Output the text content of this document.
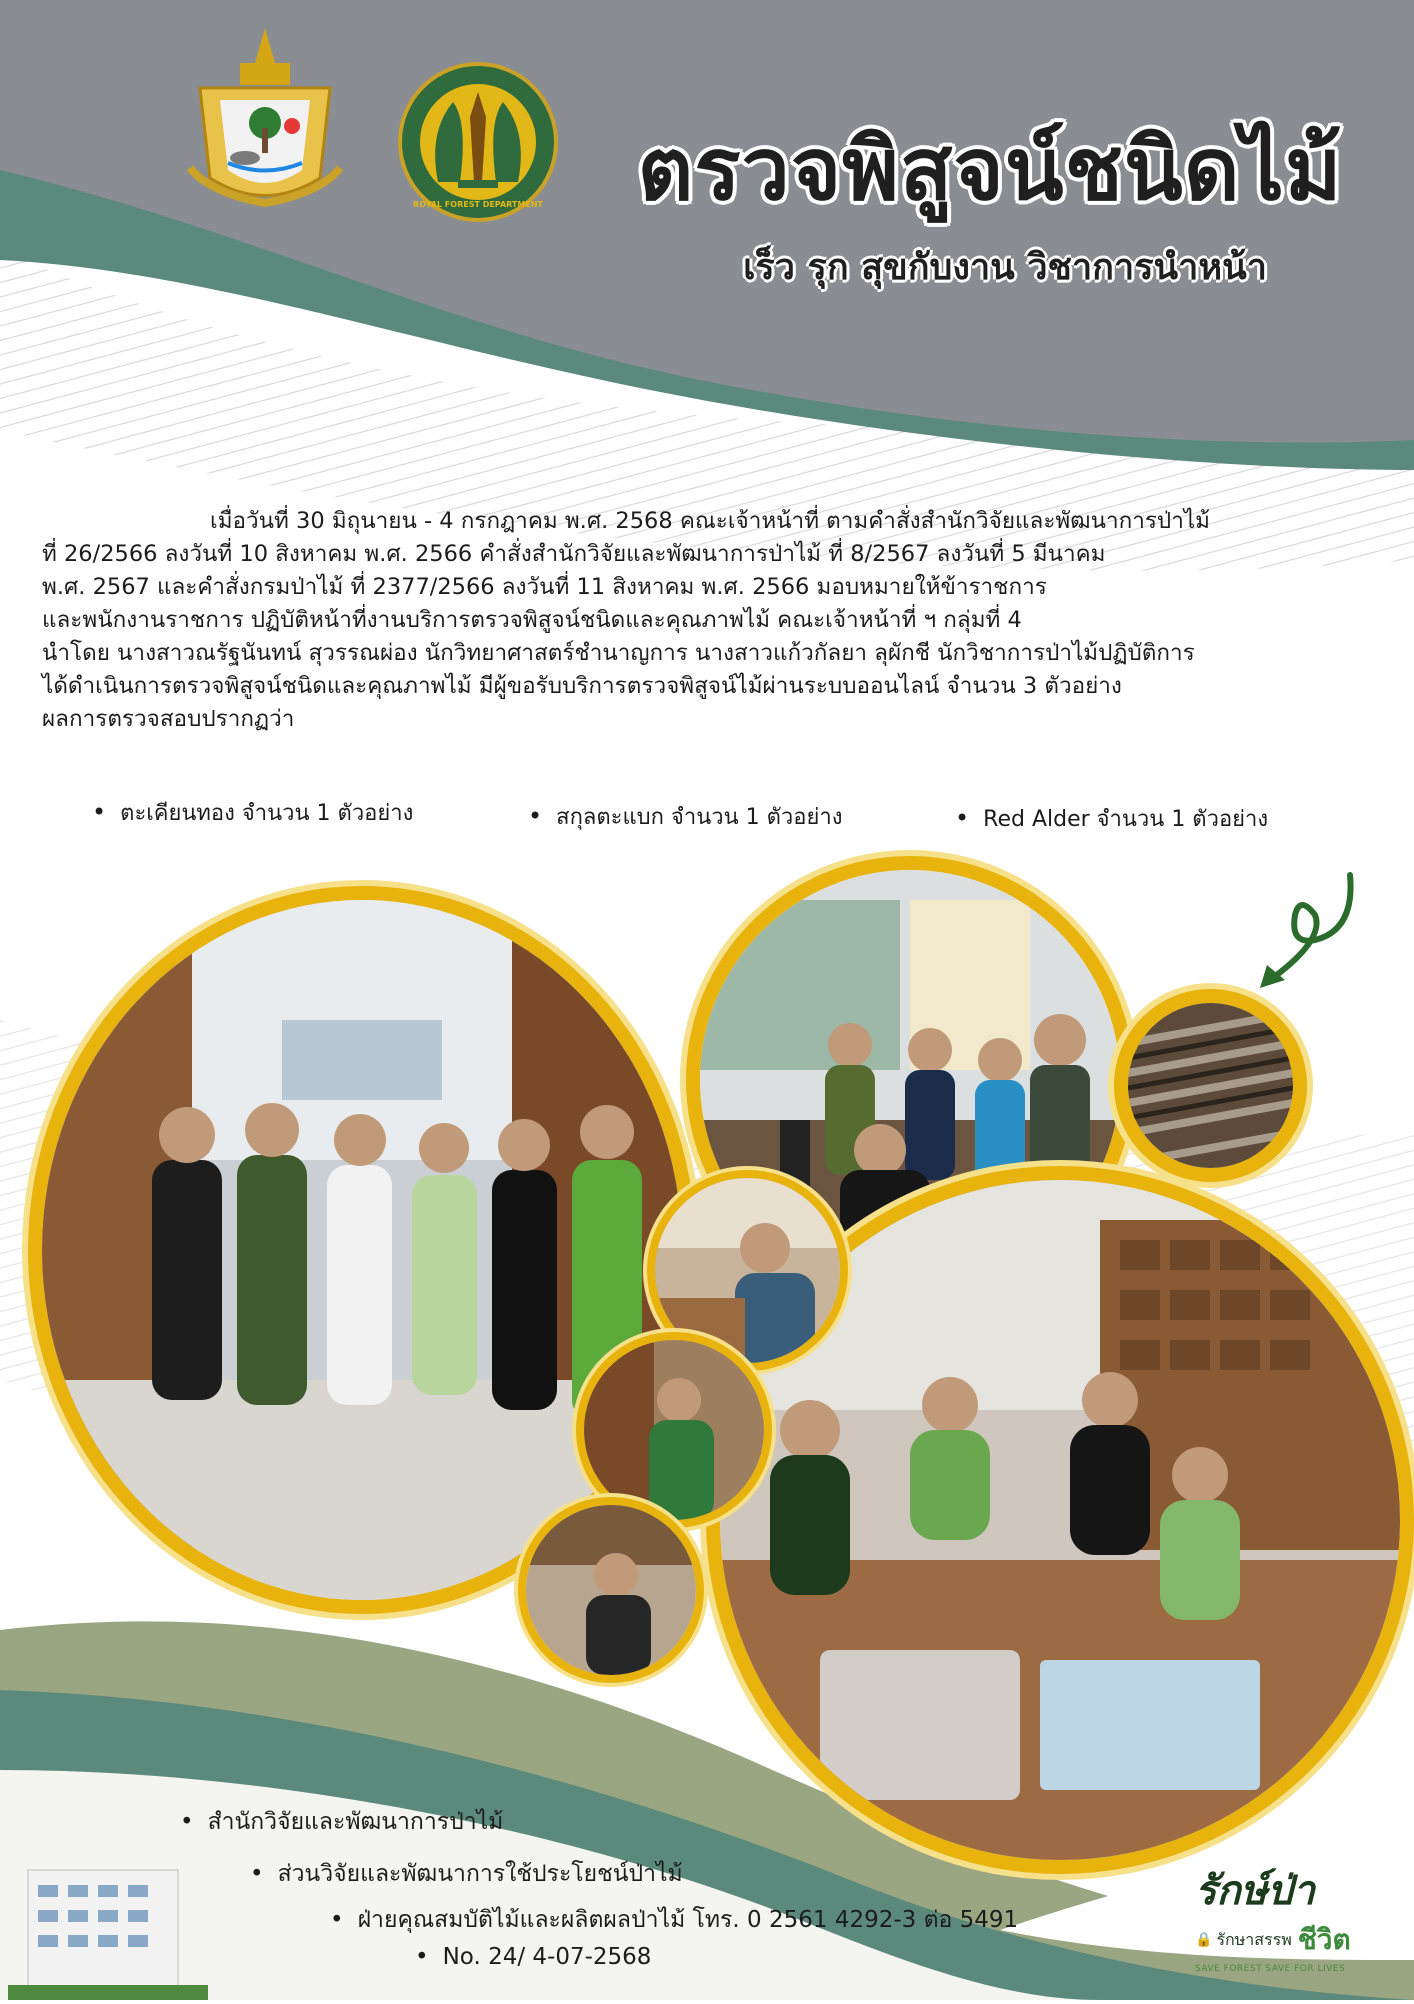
ROYAL FOREST DEPARTMENT	ตรวจพิสูจน์ชนิดไม้
เร็ว รุก สุขกับงาน วิชาการนำหน้า

เมื่อวันที่ 30 มิถุนายน - 4 กรกฎาคม พ.ศ. 2568 คณะเจ้าหน้าที่ ตามคำสั่งสำนักวิจัยและพัฒนาการป่าไม้

ที่ 26/2566 ลงวันที่ 10 สิงหาคม พ.ศ. 2566 คำสั่งสำนักวิจัยและพัฒนาการป่าไม้ ที่ 8/2567 ลงวันที่ 5 มีนาคม

พ.ศ. 2567 และคำสั่งกรมป่าไม้ ที่ 2377/2566 ลงวันที่ 11 สิงหาคม พ.ศ. 2566 มอบหมายให้ข้าราชการ

และพนักงานราชการ ปฏิบัติหน้าที่งานบริการตรวจพิสูจน์ชนิดและคุณภาพไม้ คณะเจ้าหน้าที่ ฯ กลุ่มที่ 4

นำโดย นางสาวณรัฐนันทน์ สุวรรณผ่อง นักวิทยาศาสตร์ชำนาญการ นางสาวแก้วกัลยา ลุผักชี นักวิชาการป่าไม้ปฏิบัติการ

ได้ดำเนินการตรวจพิสูจน์ชนิดและคุณภาพไม้ มีผู้ขอรับบริการตรวจพิสูจน์ไม้ผ่านระบบออนไลน์ จำนวน 3 ตัวอย่าง

ผลการตรวจสอบปรากฏว่า

• ตะเคียนทอง จำนวน 1 ตัวอย่าง	• สกุลตะแบก จำนวน 1 ตัวอย่าง	• Red Alder จำนวน 1 ตัวอย่าง
• สำนักวิจัยและพัฒนาการป่าไม้
• ส่วนวิจัยและพัฒนาการใช้ประโยชน์ป่าไม้
• ฝ่ายคุณสมบัติไม้และผลิตผลป่าไม้ โทร. 0 2561 4292-3 ต่อ 5491
• No. 24/ 4-07-2568
รักษ์ป่า
🔒 รักษาสรรพ ชีวิต
SAVE FOREST SAVE FOR LIVES
